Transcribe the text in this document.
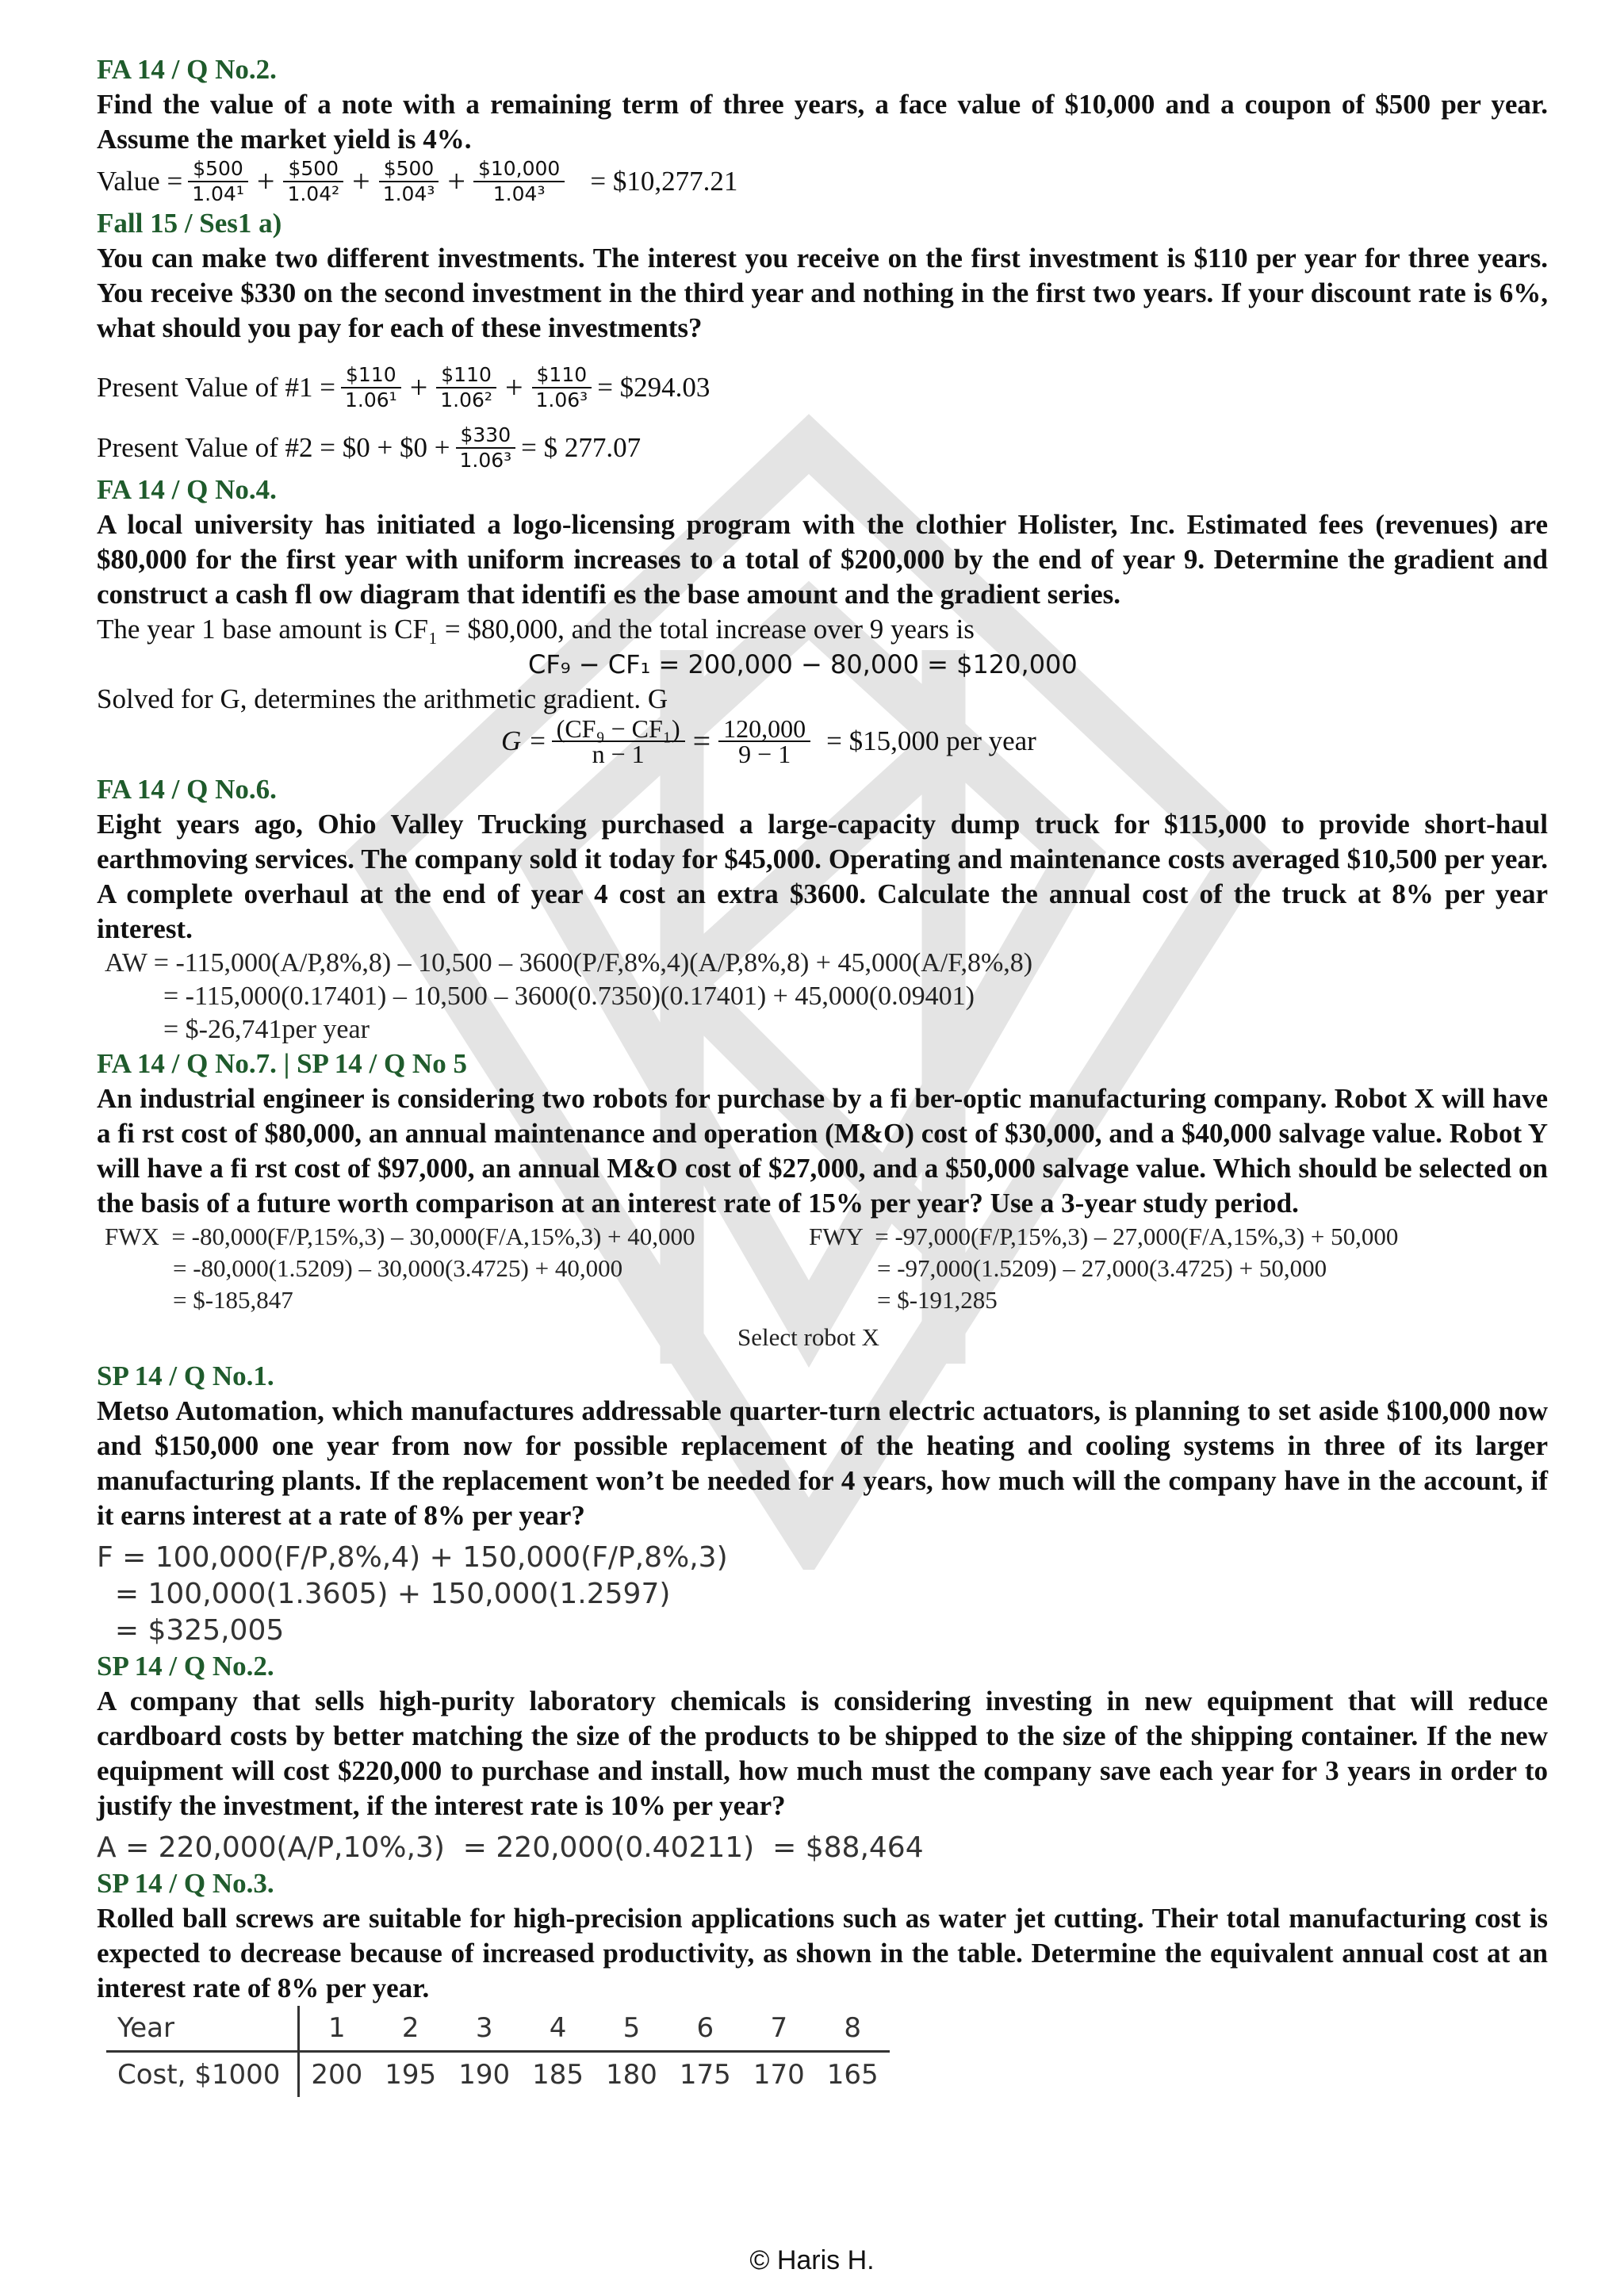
FA 14 / Q No.2.

Find the value of a note with a remaining term of three years, a face value of $10,000 and a coupon of $500 per year. Assume the market yield is 4%.

Value = $\frac{\$500}{\text{1.04¹}} + \frac{\$500}{\text{1.04²}} + \frac{\$500}{\text{1.04³}} + \frac{\$10,000}{\text{1.04³}}$ = $10,277.21

Fall 15 / Ses1 a)

You can make two different investments. The interest you receive on the first investment is $110 per year for three years. You receive $330 on the second investment in the third year and nothing in the first two years. If your discount rate is 6%, what should you pay for each of these investments?

Present Value of #1 = $\frac{\$110}{\text{1.06¹}} + \frac{\$110}{\text{1.06²}} + \frac{\$110}{\text{1.06³}}$ = $294.03
Present Value of #2 = $0 + $0 + $\frac{\$330}{\text{1.06³}}$ = $ 277.07

FA 14 / Q No.4.

A local university has initiated a logo-licensing program with the clothier Holister, Inc. Estimated fees (revenues) are $80,000 for the first year with uniform increases to a total of $200,000 by the end of year 9. Determine the gradient and construct a cash fl ow diagram that identifi es the base amount and the gradient series.

The year 1 base amount is CF₁ = $80,000, and the total increase over 9 years is

CF₉ − CF₁ = 200,000 − 80,000 = $120,000

Solved for G, determines the arithmetic gradient. G

$G = \frac{\text{(CF₉ − CF₁)}}{n - 1} = \frac{120,000}{9 - 1}$ = $15,000 per year

FA 14 / Q No.6.

Eight years ago, Ohio Valley Trucking purchased a large-capacity dump truck for $115,000 to provide short-haul earthmoving services. The company sold it today for $45,000. Operating and maintenance costs averaged $10,500 per year. A complete overhaul at the end of year 4 cost an extra $3600. Calculate the annual cost of the truck at 8% per year interest.

AW = -115,000(A/P,8%,8) – 10,500 – 3600(P/F,8%,4)(A/P,8%,8) + 45,000(A/F,8%,8)

= -115,000(0.17401) – 10,500 – 3600(0.7350)(0.17401) + 45,000(0.09401)

= $-26,741per year

FA 14 / Q No.7. | SP 14 / Q No 5

An industrial engineer is considering two robots for purchase by a fi ber-optic manufacturing company. Robot X will have a fi rst cost of $80,000, an annual maintenance and operation (M&O) cost of $30,000, and a $40,000 salvage value. Robot Y will have a fi rst cost of $97,000, an annual M&O cost of $27,000, and a $50,000 salvage value. Which should be selected on the basis of a future worth comparison at an interest rate of 15% per year? Use a 3-year study period.

FWX  = -80,000(F/P,15%,3) – 30,000(F/A,15%,3) + 40,000

= -80,000(1.5209) – 30,000(3.4725) + 40,000

= $-185,847

FWY  = -97,000(F/P,15%,3) – 27,000(F/A,15%,3) + 50,000

= -97,000(1.5209) – 27,000(3.4725) + 50,000

= $-191,285

Select robot X

SP 14 / Q No.1.

Metso Automation, which manufactures addressable quarter-turn electric actuators, is planning to set aside $100,000 now and $150,000 one year from now for possible replacement of the heating and cooling systems in three of its larger manufacturing plants. If the replacement won’t be needed for 4 years, how much will the company have in the account, if it earns interest at a rate of 8% per year?

F = 100,000(F/P,8%,4) + 150,000(F/P,8%,3)

= 100,000(1.3605) + 150,000(1.2597)

= $325,005

SP 14 / Q No.2.

A company that sells high-purity laboratory chemicals is considering investing in new equipment that will reduce cardboard costs by better matching the size of the products to be shipped to the size of the shipping container. If the new equipment will cost $220,000 to purchase and install, how much must the company save each year for 3 years in order to justify the investment, if the interest rate is 10% per year?

A = 220,000(A/P,10%,3)  = 220,000(0.40211)  = $88,464

SP 14 / Q No.3.

Rolled ball screws are suitable for high-precision applications such as water jet cutting. Their total manufacturing cost is expected to decrease because of increased productivity, as shown in the table. Determine the equivalent annual cost at an interest rate of 8% per year.

Year	1	2	3	4	5	6	7	8
Cost, $1000	200	195	190	185	180	175	170	165
© Haris H.
